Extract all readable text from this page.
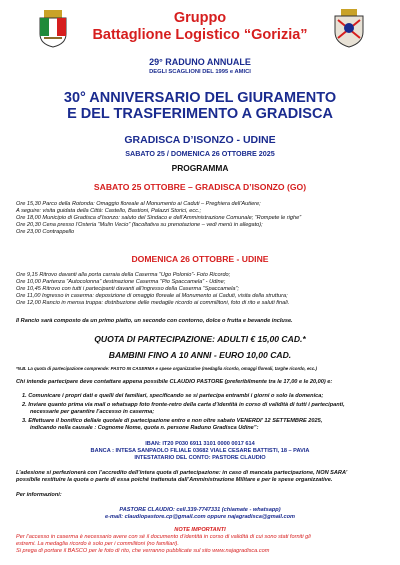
Gruppo
Battaglione Logistico “Gorizia”
29° RADUNO ANNUALE
DEGLI SCAGLIONI DEL 1995 e AMICI
30° ANNIVERSARIO DEL GIURAMENTO
E DEL TRASFERIMENTO A GRADISCA
GRADISCA D’ISONZO - UDINE
SABATO 25 / DOMENICA 26 OTTOBRE 2025
PROGRAMMA
SABATO 25 OTTOBRE – GRADISCA D’ISONZO (GO)
Ore 15,30 Parco della Rotonda: Omaggio floreale al Monumento ai Caduti – Preghiera dell’Autiere;
A seguire: visita guidata della Città: Castello, Bastioni, Palazzi Storici, ecc.;
Ore 18,00 Municipio di Gradisca d’Isonzo: saluto del Sindaco e dell’Amministrazione Comunale; “Rompete le righe”
Ore 20,30 Cena presso l’Osteria “Mulin Vecio” (facoltativa su prenotazione – vedi menù in allegato);
Ore 23,00 Contrappello
DOMENICA 26 OTTOBRE - UDINE
Ore 9,15 Ritrovo davanti alla porta carraia della Caserma “Ugo Polonio”- Foto Ricordo;
Ore 10,00 Partenza “Autocolonna” destinazione Caserma “Pio Spaccamela” - Udine;
Ore 10,45 Ritrovo con tutti i partecipanti davanti all’ingresso della Caserma “Spaccamela”;
Ore 11,00 Ingresso in caserma: deposizione di omaggio floreale al Monumento ai Caduti, visita della struttura;
Ore 12,00 Rancio in mensa truppa: distribuzione delle medaglie ricordo ai commilitoni, foto di rito e saluti finali.
Il Rancio sarà composto da un primo piatto, un secondo con contorno, dolce o frutta e bevande incluse.
QUOTA DI PARTECIPAZIONE: ADULTI € 15,00 CAD.*
BAMBINI FINO A 10 ANNI - EURO 10,00 CAD.
*N.B. La quota di partecipazione comprende: PASTO IN CASERMA e spese organizzative (medaglia ricordo, omaggi floreali, targhe ricordo, ecc.)
Chi intende partecipare deve contattare appena possibile CLAUDIO PASTORE (preferibilmente tra le 17,00 e le 20,00) e:
1. Comunicare i propri dati e quelli dei familiari, specificando se si partecipa entrambi i giorni o solo la domenica;
2. Inviare quanto prima via mail o whatsapp foto fronte-retro della carta d’identità in corso di validità di tutti i partecipanti,
necessarie per garantire l’accesso in caserma;
3. Effettuare il bonifico della/e quota/e di partecipazione entro e non oltre sabato VENERDI’ 12 SETTEMBRE 2025,
indicando nella causale : Cognome Nome, quota n. persone Raduno Gradisca Udine”:
IBAN: IT20 P030 6911 3101 0000 0017 614
BANCA : INTESA SANPAOLO FILIALE 03682 VIALE CESARE BATTISTI, 18 – PAVIA
INTESTATARIO DEL CONTO: PASTORE CLAUDIO
L’adesione si perfezionerà con l’accredito dell’intera quota di partecipazione: in caso di mancata partecipazione, NON SARA’
possibile restituire la quota o parte di essa poiché trattenuta dall’Amministrazione Militare e per le spese organizzative.
Per informazioni:
PASTORE CLAUDIO: cell.339-7747331 (chiamate - whatsapp)
e-mail: claudiopastore.cp@gmail.com oppure najagradisca@gmail.com
NOTE IMPORTANTI
Per l’accesso in caserma è necessario avere con sé il documento d’identità in corso di validità di cui sono stati forniti gli
estremi. La medaglia ricordo è solo per i commilitoni (no familiari).
Si prega di portare il BASCO per le foto di rito, che verranno pubblicate sul sito www.najagradisca.com
